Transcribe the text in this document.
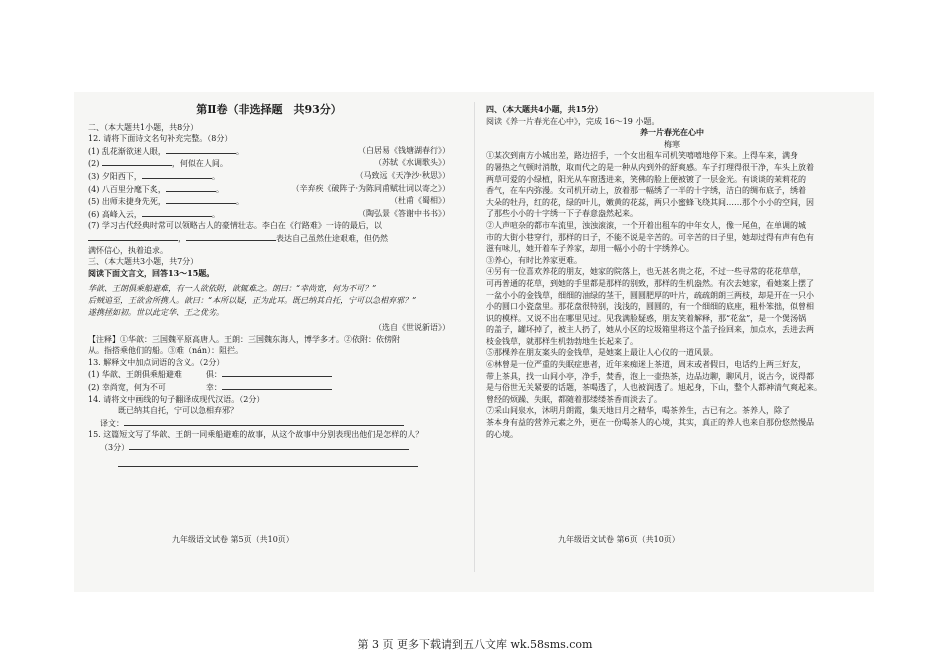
第Ⅱ卷（非选择题　共93分）
二、（本大题共1小题，共8分）
12. 请将下面诗文名句补充完整。（8分）
(1) 乱花渐欲迷人眼，	。	（白居易《钱塘湖春行》）
(2)	，何似在人间。	（苏轼《水调歌头》）
(3) 夕阳西下，	。	（马致远《天净沙·秋思》）
(4) 八百里分麾下炙，	。	（辛弃疾《破阵子·为陈同甫赋壮词以寄之》）
(5) 出师未捷身先死，	。	（杜甫《蜀相》）
(6) 高峰入云，	。	（陶弘景《答谢中书书》）
(7) 学习古代经典时常可以领略古人的豪情壮志。李白在《行路难》一诗的最后，以
，	表达自己虽然仕途艰难，但仍然
满怀信心，执着追求。
三、（本大题共3小题，共7分）
阅读下面文言文，回答13～15题。
华歆、王朗俱乘船避难，有一人欲依附，歆辄难之。朗曰：“幸尚宽，何为不可？”
后贼追至，王欲舍所携人。歆曰：“本所以疑，正为此耳。既已纳其自托，宁可以急相弃邪？”
遂携拯如初。世以此定华、王之优劣。
（选自《世说新语》）
【注释】①华歆：三国魏平原高唐人。王朗：三国魏东海人，博学多才。②依附：依傍附
从。指搭乘他们的船。③难（nán）：阻拦。
13. 解释文中加点词语的含义。（2分）
(1) 华歆、王朗俱乘船避难　　　俱：
(2) 幸尚宽，何为不可　　　　　幸：
14. 请将文中画线的句子翻译成现代汉语。（2分）
既已纳其自托，宁可以急相弃邪？
译文：
15. 这篇短文写了华歆、王朗一同乘船避难的故事，从这个故事中分别表现出他们是怎样的人？
（3分）
九年级语文试卷 第5页（共10页）
四、（本大题共4小题，共15分）
阅读《养一片春光在心中》，完成 16～19 小题。
养一片春光在心中
梅寒
①某次到南方小城出差，路边招手，一个女出租车司机笑嘻嘻地停下来。上得车来，满身
的暑热之气顿时消散，取而代之的是一种从内到外的舒爽感。车子打理得很干净，车头上放着
两草可爱的小绿植，阳光从车窗透进来，笑佛的脸上便被镀了一层金光。有谈谈的茉莉花的
香气，在车内弥漫。女司机开动上，放着那一幅绣了一半的十字绣，洁白的绸布底子，绣着
大朵的牡丹，红的花，绿的叶儿，嫩黄的花蕊，两只小蜜蜂飞绕其间……那个小小的空间，因
了那些小小的十字绣一下子春意盎然起来。
②人声喧杂的都市车流里，浊浊滚滚，一个开着出租车的中年女人，像一尾鱼，在单调的城
市的大街小巷穿行，那样的日子，不能不说是辛苦的。可辛苦的日子里，她却过得有声有色有
滋有味儿，她开着车子养家，却用一幅小小的十字绣养心。
③养心，有时比养家更难。
④另有一位喜欢养花的朋友，她家的院落上，也无甚名贵之花，不过一些寻常的花花草草，
可再普通的花草，到她的手里都是那样的别致，那样的生机盎然。有次去她家，看她案上摆了
一盆小小的金钱草，细细的油绿的茎干，圆圆肥厚的叶片，疏疏朗朗三两枝，却是开在一只小
小的圆口小瓷盘里。那花盘很特别，浅浅的，圆圆的，有一个细细的底座，粗朴笨拙，似曾相
识的模样。又说不出在哪里见过。见我满脸疑惑，朋友笑着解释，那“花盆”，是一个煲汤锅
的盖子，罐坏掉了，被主人扔了，她从小区的垃圾箱里将这个盖子捡回来，加点水，丢进去两
枝金钱草，就那样生机勃勃地生长起来了。
⑤那棵养在朋友案头的金钱草，是她案上最让人心仪的一道风景。
⑥林曾是一位严重的失眠症患者，近年来痴迷上茶道，周末或者假日，电话约上两三好友，
带上茶具，找一山间小亭，净手，焚香，泡上一壶热茶，边品边聊，聊风月，说古今，说得都
是与俗世无关紧要的话题，茶喝透了，人也被润透了。旭起身，下山，整个人都神清气爽起来。
曾经的烦躁、失眠，都随着那缕缕茶香而淡去了。
⑦采山间泉水，沐明月朗霞，集天地日月之精华，喝茶养生，古已有之。茶养人，除了
茶本身有益的营养元素之外，更在一份喝茶人的心境，其实，真正的养人也来自那份悠然慢品
的心境。
九年级语文试卷 第6页（共10页）
第 3 页 更多下载请到五八文库 wk.58sms.com
